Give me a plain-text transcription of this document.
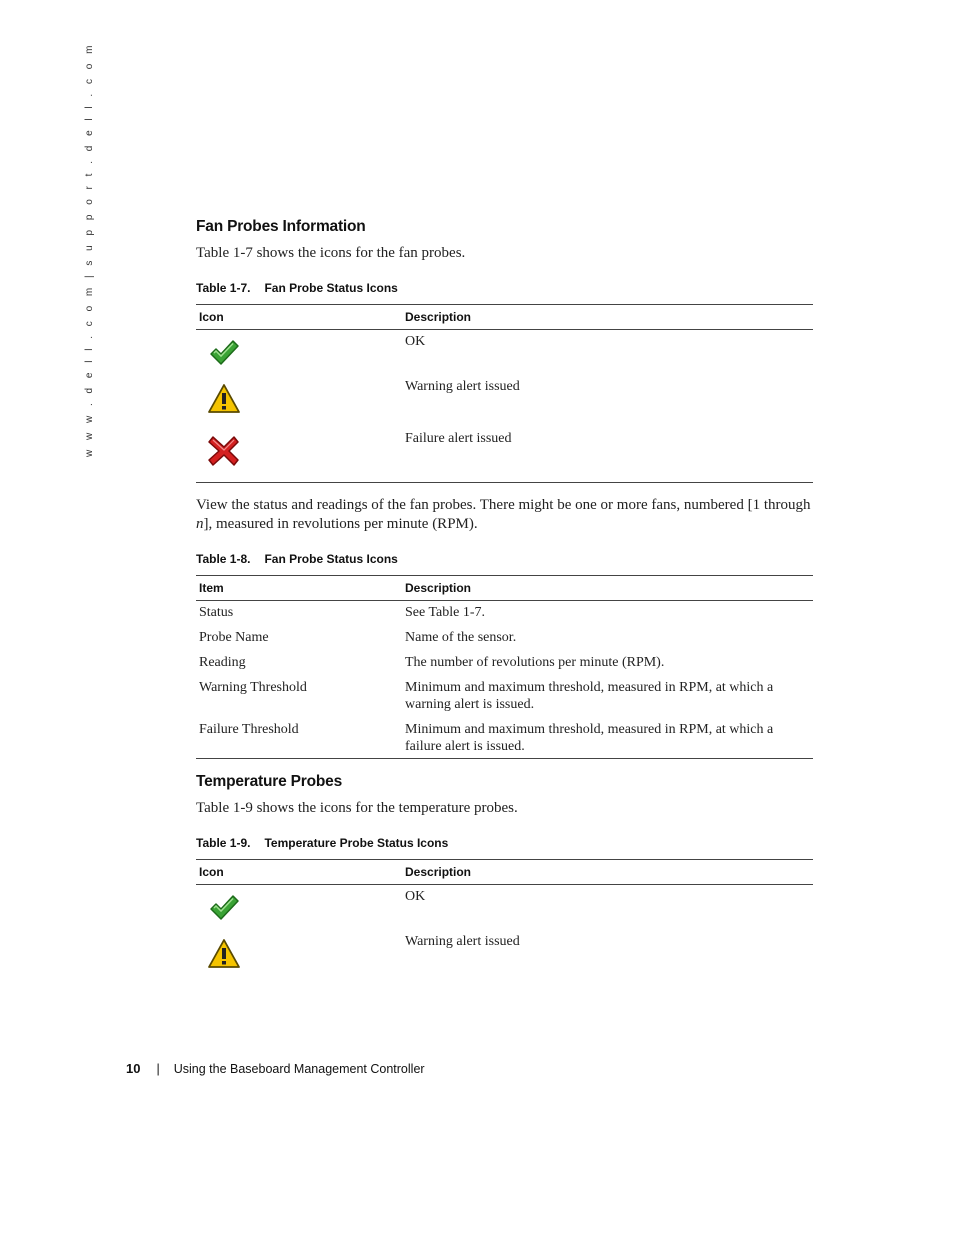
w w w . d e l l . c o m | s u p p o r t . d e l l . c o m	Fan Probes Information

Table 1-7 shows the icons for the fan probes.

Table 1-7. Fan Probe Status Icons

Icon	Description

	OK

	Warning alert issued

	Failure alert issued

View the status and readings of the fan probes. There might be one or more fans, numbered [1 through n], measured in revolutions per minute (RPM).

Table 1-8. Fan Probe Status Icons

Item	Description
Status	See Table 1-7.
Probe Name	Name of the sensor.
Reading	The number of revolutions per minute (RPM).
Warning Threshold	Minimum and maximum threshold, measured in RPM, at which a warning alert is issued.
Failure Threshold	Minimum and maximum threshold, measured in RPM, at which a failure alert is issued.
Temperature Probes

Table 1-9 shows the icons for the temperature probes.

Table 1-9. Temperature Probe Status Icons

Icon	Description

	OK

	Warning alert issued
10 | Using the Baseboard Management Controller
